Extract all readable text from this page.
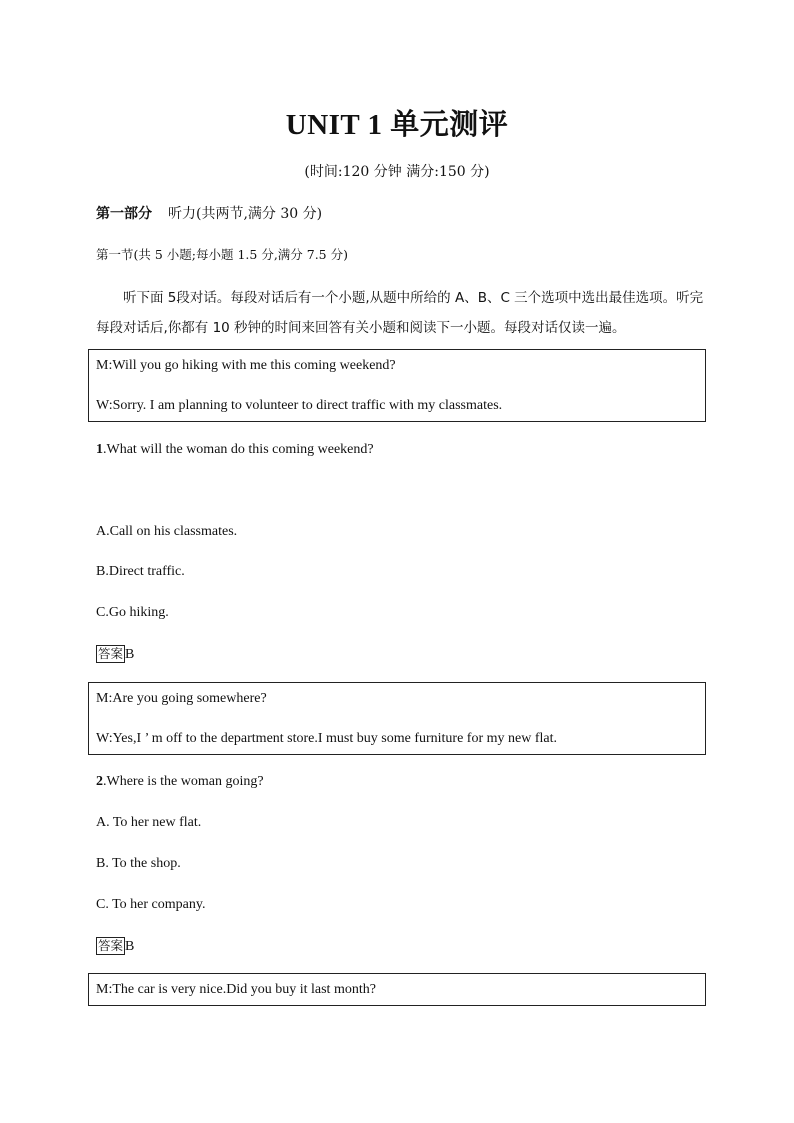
UNIT 1 单元测评
(时间:120 分钟 满分:150 分)
第一部分 听力(共两节,满分 30 分)
第一节(共 5 小题;每小题 1.5 分,满分 7.5 分)
听下面 5段对话。每段对话后有一个小题,从题中所给的 A、B、C 三个选项中选出最佳选项。听完每段对话后,你都有 10 秒钟的时间来回答有关小题和阅读下一小题。每段对话仅读一遍。
M:Will you go hiking with me this coming weekend?
W:Sorry. I am planning to volunteer to direct traffic with my classmates.
1.What will the woman do this coming weekend?
A.Call on his classmates.
B.Direct traffic.
C.Go hiking.
答案 B
M:Are you going somewhere?
W:Yes,I ’ m off to the department store.I must buy some furniture for my new flat.
2.Where is the woman going?
A. To her new flat.
B. To the shop.
C. To her company.
答案 B
M:The car is very nice.Did you buy it last month?
